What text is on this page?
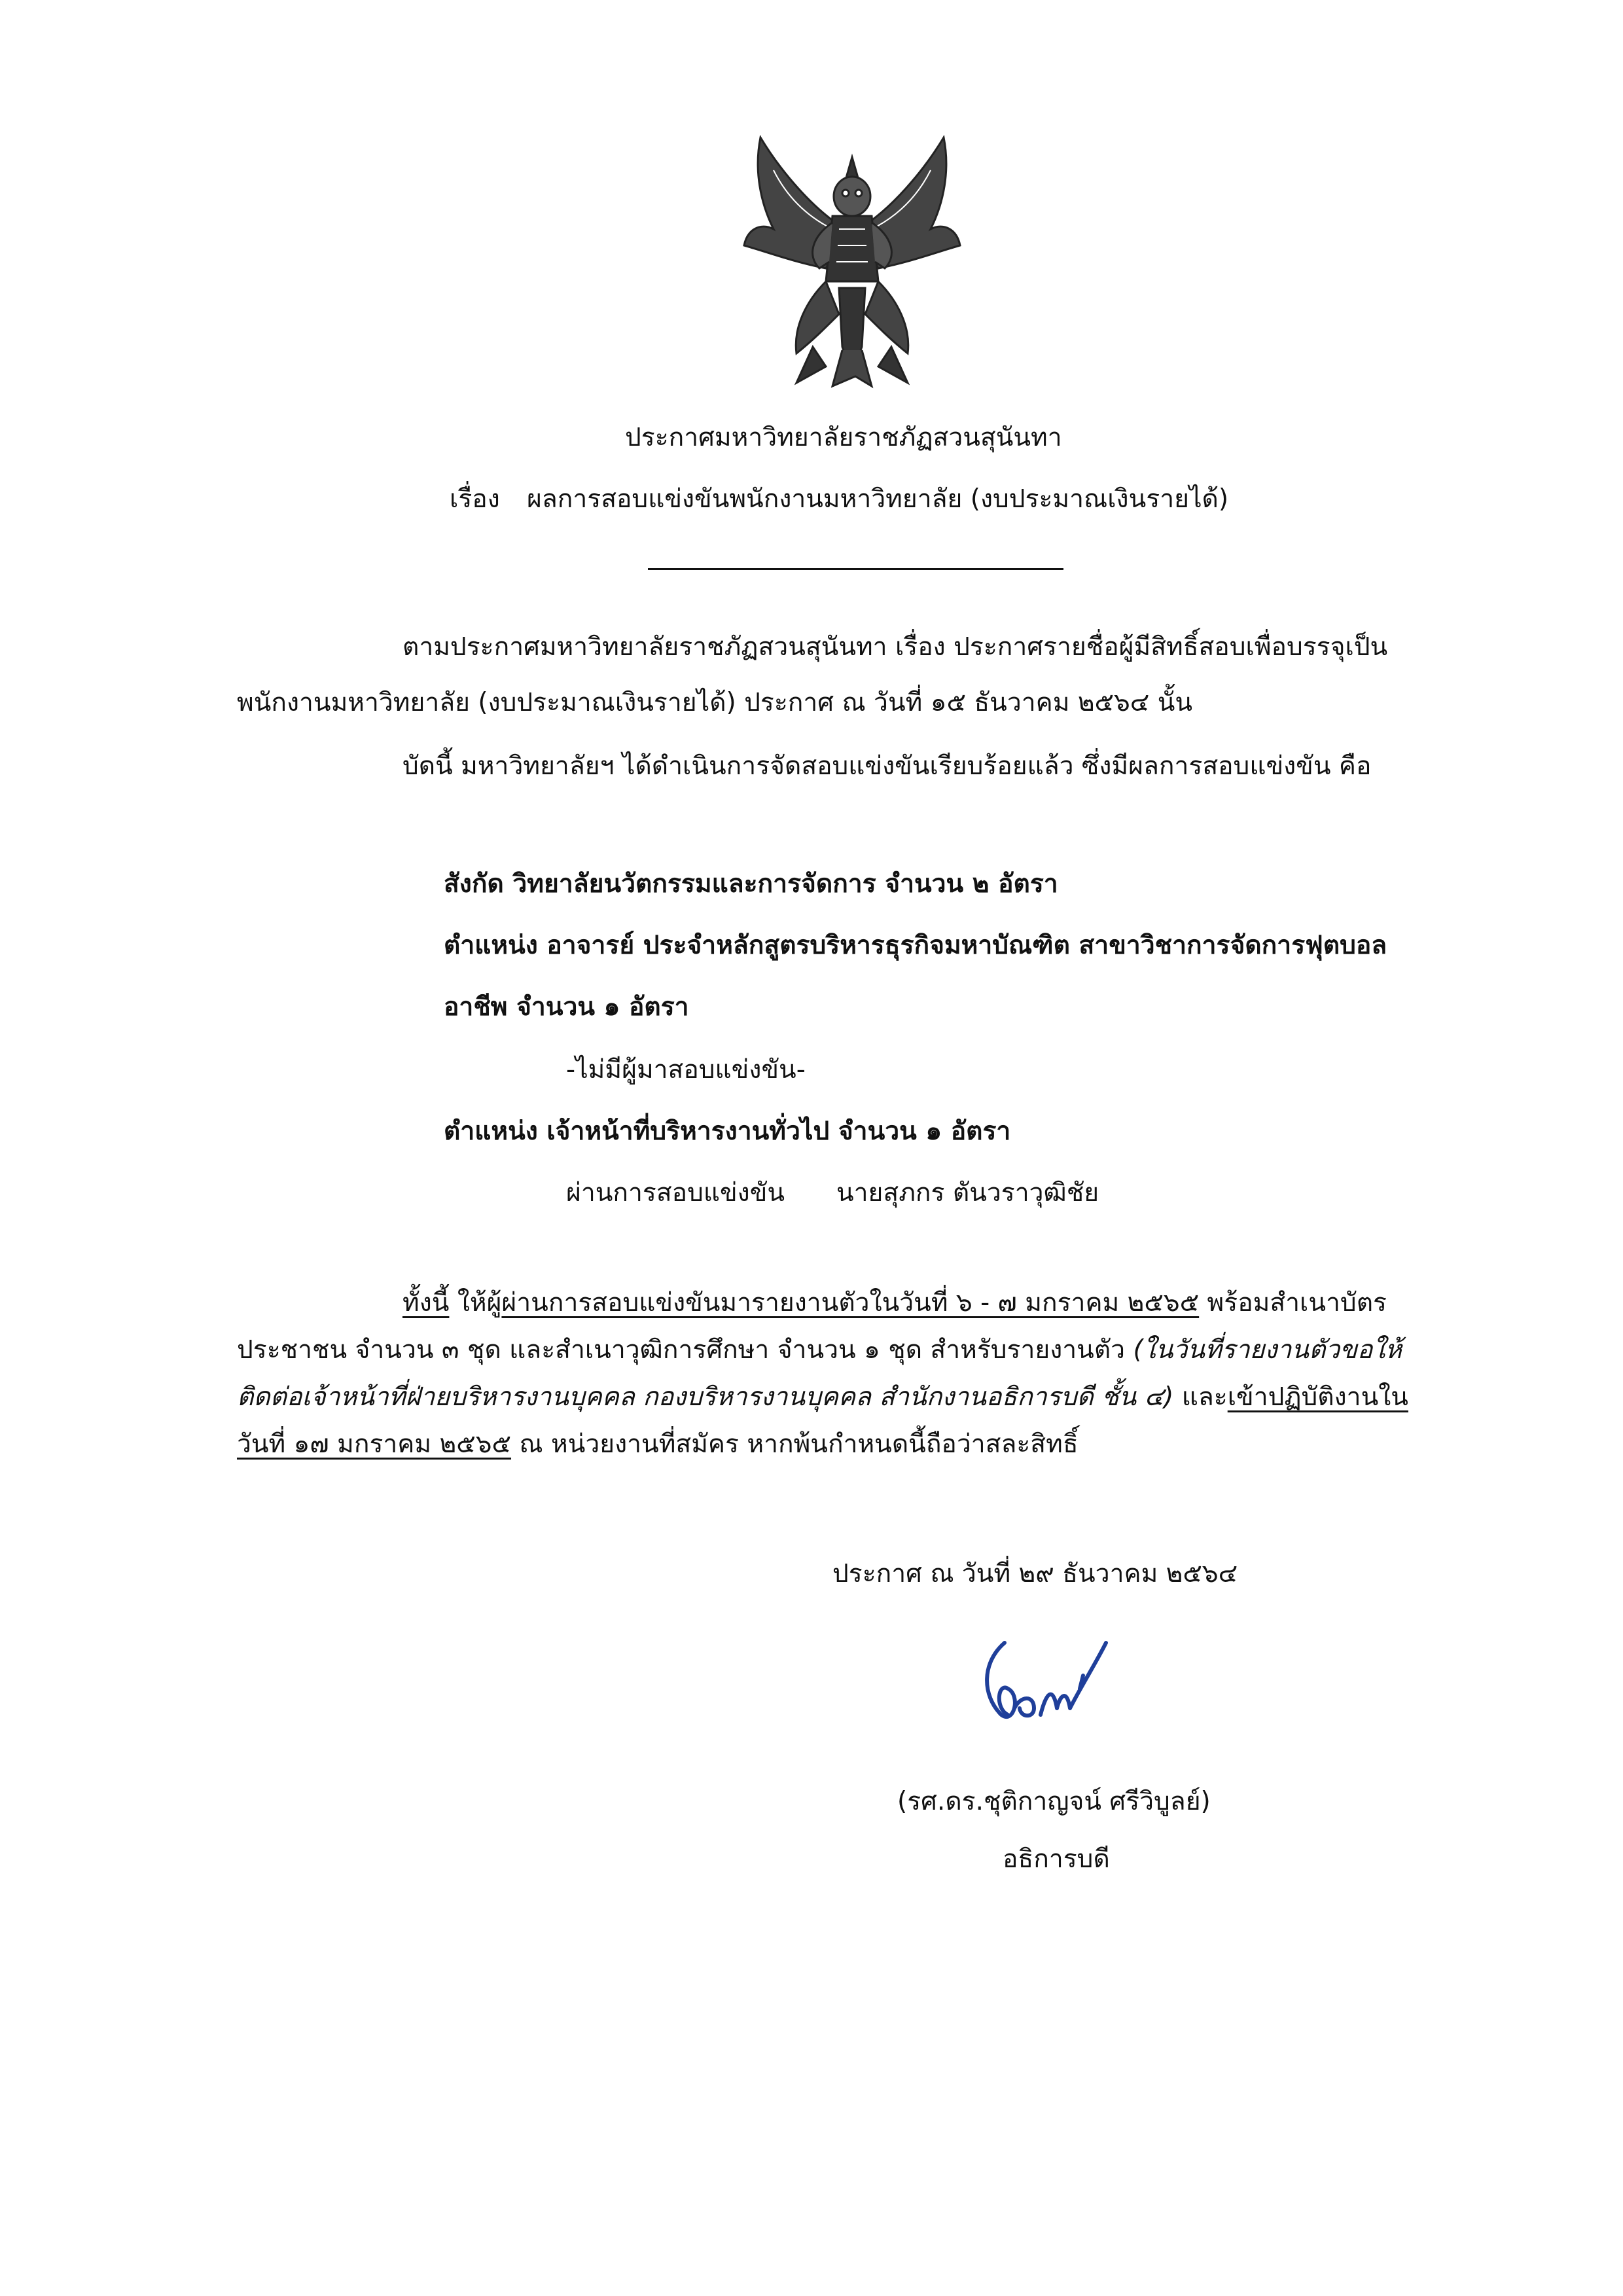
ประกาศมหาวิทยาลัยราชภัฏสวนสุนันทา
เรื่อง ผลการสอบแข่งขันพนักงานมหาวิทยาลัย (งบประมาณเงินรายได้)
ตามประกาศมหาวิทยาลัยราชภัฏสวนสุนันทา เรื่อง ประกาศรายชื่อผู้มีสิทธิ์สอบเพื่อบรรจุเป็น
พนักงานมหาวิทยาลัย (งบประมาณเงินรายได้) ประกาศ ณ วันที่ ๑๕ ธันวาคม ๒๕๖๔ นั้น
บัดนี้ มหาวิทยาลัยฯ ได้ดำเนินการจัดสอบแข่งขันเรียบร้อยแล้ว ซึ่งมีผลการสอบแข่งขัน คือ
สังกัด วิทยาลัยนวัตกรรมและการจัดการ จำนวน ๒ อัตรา
ตำแหน่ง อาจารย์ ประจำหลักสูตรบริหารธุรกิจมหาบัณฑิต สาขาวิชาการจัดการฟุตบอล
อาชีพ จำนวน ๑ อัตรา
-ไม่มีผู้มาสอบแข่งขัน-
ตำแหน่ง เจ้าหน้าที่บริหารงานทั่วไป จำนวน ๑ อัตรา
ผ่านการสอบแข่งขัน นายสุภกร ตันวราวุฒิชัย
ทั้งนี้ ให้ผู้ผ่านการสอบแข่งขันมารายงานตัวในวันที่ ๖ - ๗ มกราคม ๒๕๖๕ พร้อมสำเนาบัตร
ประชาชน จำนวน ๓ ชุด และสำเนาวุฒิการศึกษา จำนวน ๑ ชุด สำหรับรายงานตัว (ในวันที่รายงานตัวขอให้
ติดต่อเจ้าหน้าที่ฝ่ายบริหารงานบุคคล กองบริหารงานบุคคล สำนักงานอธิการบดี ชั้น ๔) และเข้าปฏิบัติงานใน
วันที่ ๑๗ มกราคม ๒๕๖๕ ณ หน่วยงานที่สมัคร หากพ้นกำหนดนี้ถือว่าสละสิทธิ์
ประกาศ ณ วันที่ ๒๙ ธันวาคม ๒๕๖๔
(รศ.ดร.ชุติกาญจน์ ศรีวิบูลย์)
อธิการบดี
